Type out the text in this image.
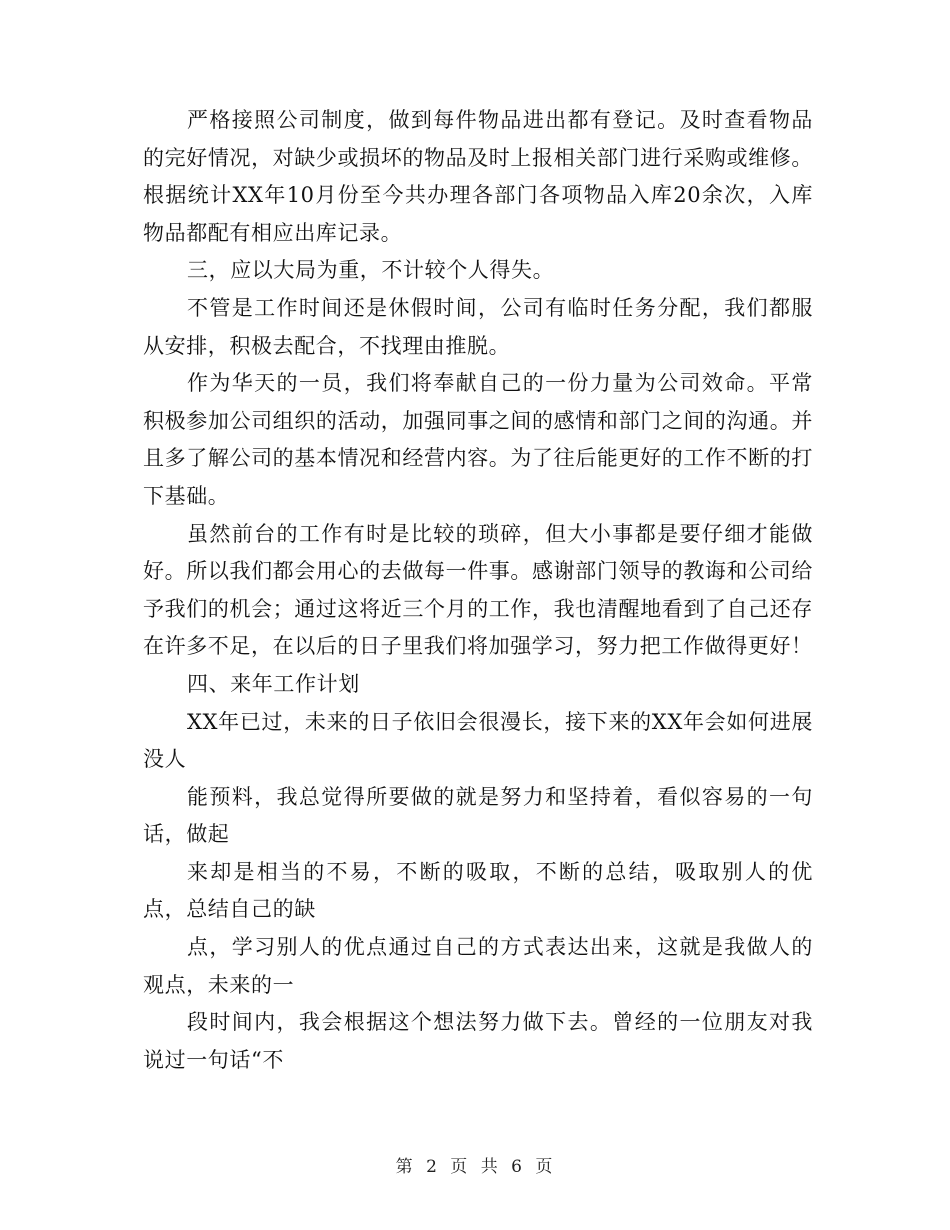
严格接照公司制度，做到每件物品进出都有登记。及时查看物品的完好情况，对缺少或损坏的物品及时上报相关部门进行采购或维修。根据统计XX年10月份至今共办理各部门各项物品入库20余次，入库物品都配有相应出库记录。

三，应以大局为重，不计较个人得失。

不管是工作时间还是休假时间，公司有临时任务分配，我们都服从安排，积极去配合，不找理由推脱。

作为华天的一员，我们将奉献自己的一份力量为公司效命。平常积极参加公司组织的活动，加强同事之间的感情和部门之间的沟通。并且多了解公司的基本情况和经营内容。为了往后能更好的工作不断的打下基础。

虽然前台的工作有时是比较的琐碎，但大小事都是要仔细才能做好。所以我们都会用心的去做每一件事。感谢部门领导的教诲和公司给予我们的机会；通过这将近三个月的工作，我也清醒地看到了自己还存在许多不足，在以后的日子里我们将加强学习，努力把工作做得更好！

四、来年工作计划

XX年已过，未来的日子依旧会很漫长，接下来的XX年会如何进展没人

能预料，我总觉得所要做的就是努力和坚持着，看似容易的一句话，做起

来却是相当的不易，不断的吸取，不断的总结，吸取别人的优点，总结自己的缺

点，学习别人的优点通过自己的方式表达出来，这就是我做人的观点，未来的一

段时间内，我会根据这个想法努力做下去。曾经的一位朋友对我说过一句话“不

第 2 页 共 6 页
